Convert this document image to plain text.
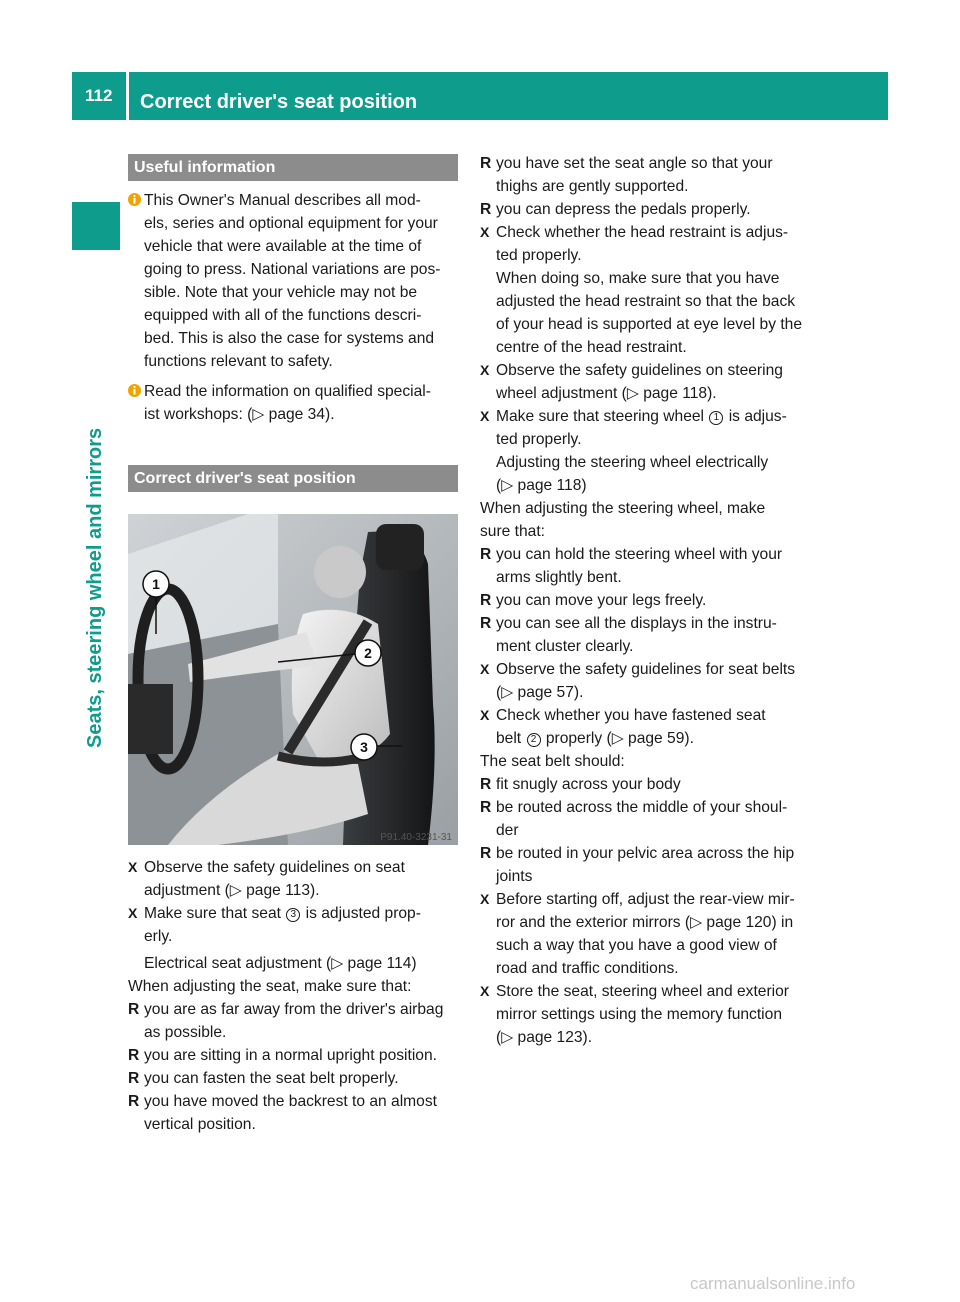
112	Correct driver's seat position
Seats, steering wheel and mirrors
Useful information
This Owner's Manual describes all mod-
els, series and optional equipment for your
vehicle that were available at the time of
going to press. National variations are pos-
sible. Note that your vehicle may not be
equipped with all of the functions descri-
bed. This is also the case for systems and
functions relevant to safety.
Read the information on qualified special-
ist workshops: (▷ page 34).
Correct driver's seat position
1
2
3
P91.40-3231-31
X Observe the safety guidelines on seat
adjustment (▷ page 113).
X Make sure that seat 3 is adjusted prop-
erly.
Electrical seat adjustment (▷ page 114)
When adjusting the seat, make sure that:
R you are as far away from the driver's airbag
as possible.
R you are sitting in a normal upright position.
R you can fasten the seat belt properly.
R you have moved the backrest to an almost
vertical position.
R you have set the seat angle so that your
thighs are gently supported.
R you can depress the pedals properly.
X Check whether the head restraint is adjus-
ted properly.
When doing so, make sure that you have
adjusted the head restraint so that the back
of your head is supported at eye level by the
centre of the head restraint.
X Observe the safety guidelines on steering
wheel adjustment (▷ page 118).
X Make sure that steering wheel 1 is adjus-
ted properly.
Adjusting the steering wheel electrically
(▷ page 118)
When adjusting the steering wheel, make
sure that:
R you can hold the steering wheel with your
arms slightly bent.
R you can move your legs freely.
R you can see all the displays in the instru-
ment cluster clearly.
X Observe the safety guidelines for seat belts
(▷ page 57).
X Check whether you have fastened seat
belt 2 properly (▷ page 59).
The seat belt should:
R fit snugly across your body
R be routed across the middle of your shoul-
der
R be routed in your pelvic area across the hip
joints
X Before starting off, adjust the rear-view mir-
ror and the exterior mirrors (▷ page 120) in
such a way that you have a good view of
road and traffic conditions.
X Store the seat, steering wheel and exterior
mirror settings using the memory function
(▷ page 123).
carmanualsonline.info
